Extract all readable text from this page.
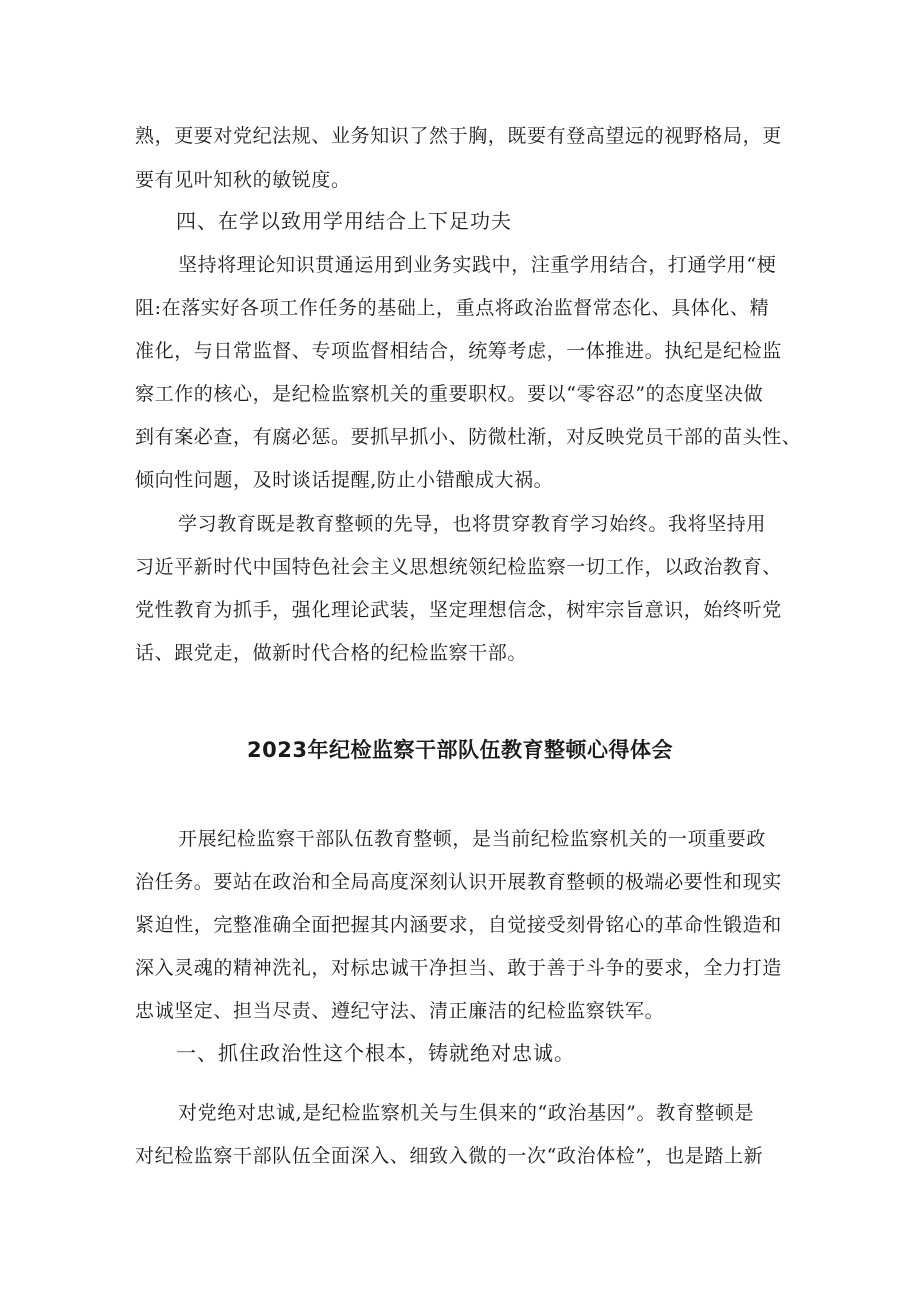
熟，更要对党纪法规、业务知识了然于胸，既要有登高望远的视野格局，更
要有见叶知秋的敏锐度。
四、在学以致用学用结合上下足功夫
坚持将理论知识贯通运用到业务实践中，注重学用结合，打通学用“梗
阻:在落实好各项工作任务的基础上，重点将政治监督常态化、具体化、精
准化，与日常监督、专项监督相结合，统筹考虑，一体推进。执纪是纪检监
察工作的核心，是纪检监察机关的重要职权。要以“零容忍”的态度坚决做
到有案必查，有腐必惩。要抓早抓小、防微杜渐，对反映党员干部的苗头性、
倾向性问题，及时谈话提醒,防止小错酿成大祸。
学习教育既是教育整顿的先导，也将贯穿教育学习始终。我将坚持用
习近平新时代中国特色社会主义思想统领纪检监察一切工作，以政治教育、
党性教育为抓手，强化理论武装，坚定理想信念，树牢宗旨意识，始终听党
话、跟党走，做新时代合格的纪检监察干部。
2023年纪检监察干部队伍教育整顿心得体会
开展纪检监察干部队伍教育整顿，是当前纪检监察机关的一项重要政
治任务。要站在政治和全局高度深刻认识开展教育整顿的极端必要性和现实
紧迫性，完整准确全面把握其内涵要求，自觉接受刻骨铭心的革命性锻造和
深入灵魂的精神洗礼，对标忠诚干净担当、敢于善于斗争的要求，全力打造
忠诚坚定、担当尽责、遵纪守法、清正廉洁的纪检监察铁军。
一、抓住政治性这个根本，铸就绝对忠诚。
对党绝对忠诚,是纪检监察机关与生俱来的“政治基因”。教育整顿是
对纪检监察干部队伍全面深入、细致入微的一次“政治体检”，也是踏上新
